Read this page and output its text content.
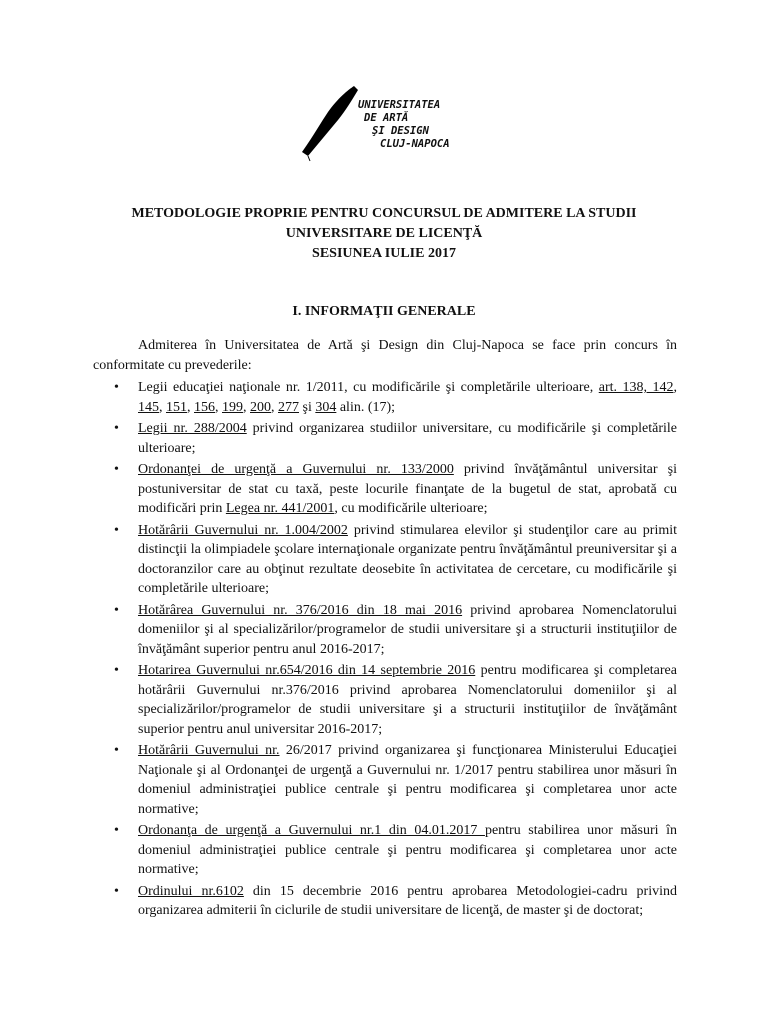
UNIVERSITATEA
DE ARTĂ
ŞI DESIGN
CLUJ-NAPOCA
METODOLOGIE PROPRIE PENTRU CONCURSUL DE ADMITERE LA STUDII
UNIVERSITARE DE LICENŢĂ
SESIUNEA IULIE 2017
I. INFORMAŢII GENERALE

Admiterea în Universitatea de Artă şi Design din Cluj-Napoca se face prin concurs în conformitate cu prevederile:

• Legii educaţiei naţionale nr. 1/2011, cu modificările şi completările ulterioare, art. 138, 142, 145, 151, 156, 199, 200, 277 şi 304 alin. (17);
• Legii nr. 288/2004 privind organizarea studiilor universitare, cu modificările şi completările ulterioare;
• Ordonanţei de urgenţă a Guvernului nr. 133/2000 privind învăţământul universitar şi postuniversitar de stat cu taxă, peste locurile finanţate de la bugetul de stat, aprobată cu modificări prin Legea nr. 441/2001, cu modificările ulterioare;
• Hotărârii Guvernului nr. 1.004/2002 privind stimularea elevilor şi studenţilor care au primit distincţii la olimpiadele şcolare internaţionale organizate pentru învăţământul preuniversitar şi a doctoranzilor care au obţinut rezultate deosebite în activitatea de cercetare, cu modificările şi completările ulterioare;
• Hotărârea Guvernului nr. 376/2016 din 18 mai 2016 privind aprobarea Nomenclatorului domeniilor şi al specializărilor/programelor de studii universitare şi a structurii instituţiilor de învăţământ superior pentru anul 2016-2017;
• Hotarirea Guvernului nr.654/2016 din 14 septembrie 2016 pentru modificarea şi completarea hotărârii Guvernului nr.376/2016 privind aprobarea Nomenclatorului domeniilor şi al specializărilor/programelor de studii universitare şi a structurii instituţiilor de învăţământ superior pentru anul universitar 2016-2017;
• Hotărârii Guvernului nr. 26/2017 privind organizarea şi funcţionarea Ministerului Educaţiei Naţionale şi al Ordonanţei de urgenţă a Guvernului nr. 1/2017 pentru stabilirea unor măsuri în domeniul administraţiei publice centrale şi pentru modificarea şi completarea unor acte normative;
• Ordonanţa de urgenţă a Guvernului nr.1 din 04.01.2017 pentru stabilirea unor măsuri în domeniul administraţiei publice centrale şi pentru modificarea şi completarea unor acte normative;
• Ordinului nr.6102 din 15 decembrie 2016 pentru aprobarea Metodologiei-cadru privind organizarea admiterii în ciclurile de studii universitare de licenţă, de master şi de doctorat;
